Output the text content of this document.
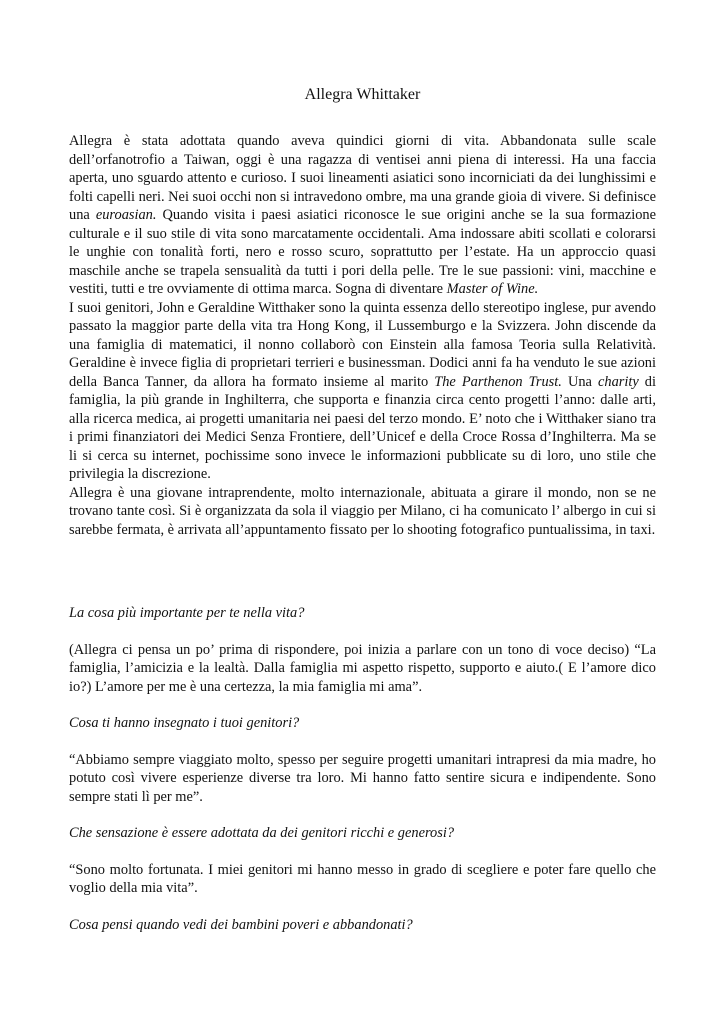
Allegra Whittaker

Allegra è stata adottata quando aveva quindici giorni di vita. Abbandonata sulle scale dell’orfanotrofio a Taiwan, oggi è una ragazza di ventisei anni piena di interessi. Ha una faccia aperta, uno sguardo attento e curioso. I suoi lineamenti asiatici sono incorniciati da dei lunghissimi e folti capelli neri. Nei suoi occhi non si intravedono ombre, ma una grande gioia di vivere. Si definisce una euroasian. Quando visita i paesi asiatici riconosce le sue origini anche se la sua formazione culturale e il suo stile di vita sono marcatamente occidentali. Ama indossare abiti scollati e colorarsi le unghie con tonalità forti, nero e rosso scuro, soprattutto per l’estate. Ha un approccio quasi maschile anche se trapela sensualità da tutti i pori della pelle. Tre le sue passioni: vini, macchine e vestiti, tutti e tre ovviamente di ottima marca. Sogna di diventare Master of Wine.

I suoi genitori, John e Geraldine Witthaker sono la quinta essenza dello stereotipo inglese, pur avendo passato la maggior parte della vita tra Hong Kong, il Lussemburgo e la Svizzera. John discende da una famiglia di matematici, il nonno collaborò con Einstein alla famosa Teoria sulla Relatività. Geraldine è invece figlia di proprietari terrieri e businessman. Dodici anni fa ha venduto le sue azioni della Banca Tanner, da allora ha formato insieme al marito The Parthenon Trust. Una charity di famiglia, la più grande in Inghilterra, che supporta e finanzia circa cento progetti l’anno: dalle arti, alla ricerca medica, ai progetti umanitaria nei paesi del terzo mondo. E’ noto che i Witthaker siano tra i primi finanziatori dei Medici Senza Frontiere, dell’Unicef e della Croce Rossa d’Inghilterra. Ma se li si cerca su internet, pochissime sono invece le informazioni pubblicate su di loro, uno stile che privilegia la discrezione.

Allegra è una giovane intraprendente, molto internazionale, abituata a girare il mondo, non se ne trovano tante così. Si è organizzata da sola il viaggio per Milano, ci ha comunicato l’ albergo in cui si sarebbe fermata, è arrivata all’appuntamento fissato per lo shooting fotografico puntualissima, in taxi.

La cosa più importante per te nella vita?

(Allegra ci pensa un po’ prima di rispondere, poi inizia a parlare con un tono di voce deciso) “La famiglia, l’amicizia e la lealtà. Dalla famiglia mi aspetto rispetto, supporto e aiuto.( E l’amore dico io?) L’amore per me è una certezza, la mia famiglia mi ama”.

Cosa ti hanno insegnato i tuoi genitori?

“Abbiamo sempre viaggiato molto, spesso per seguire progetti umanitari intrapresi da mia madre, ho potuto così vivere esperienze diverse tra loro. Mi hanno fatto sentire sicura e indipendente. Sono sempre stati lì per me”.

Che sensazione è essere adottata da dei genitori ricchi e generosi?

“Sono molto fortunata. I miei genitori mi hanno messo in grado di scegliere e poter fare quello che voglio della mia vita”.

Cosa pensi quando vedi dei bambini poveri e abbandonati?
